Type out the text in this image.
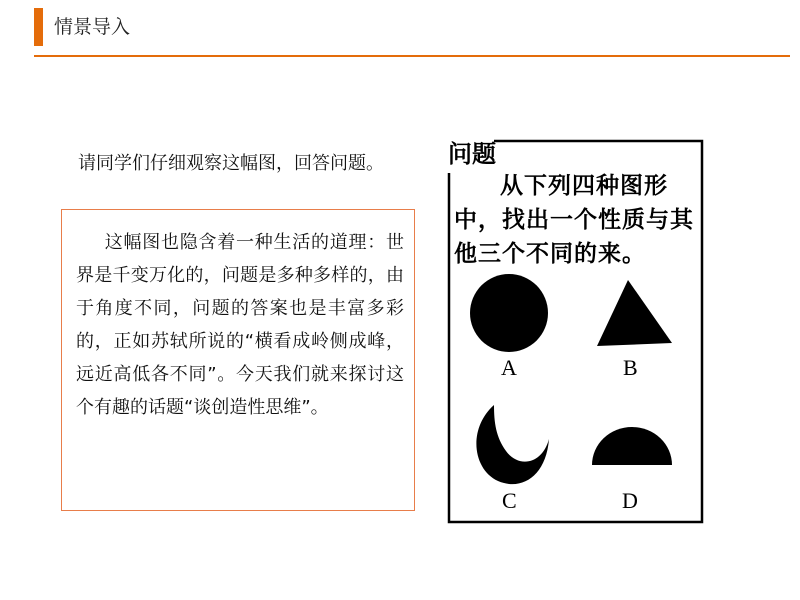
情景导入
请同学们仔细观察这幅图，回答问题。

这幅图也隐含着一种生活的道理：世界是千变万化的，问题是多种多样的，由于角度不同，问题的答案也是丰富多彩的，正如苏轼所说的“横看成岭侧成峰，远近高低各不同”。今天我们就来探讨这个有趣的话题“谈创造性思维”。

问题

从下列四种图形中，找出一个性质与其他三个不同的来。

A	B
C	D
